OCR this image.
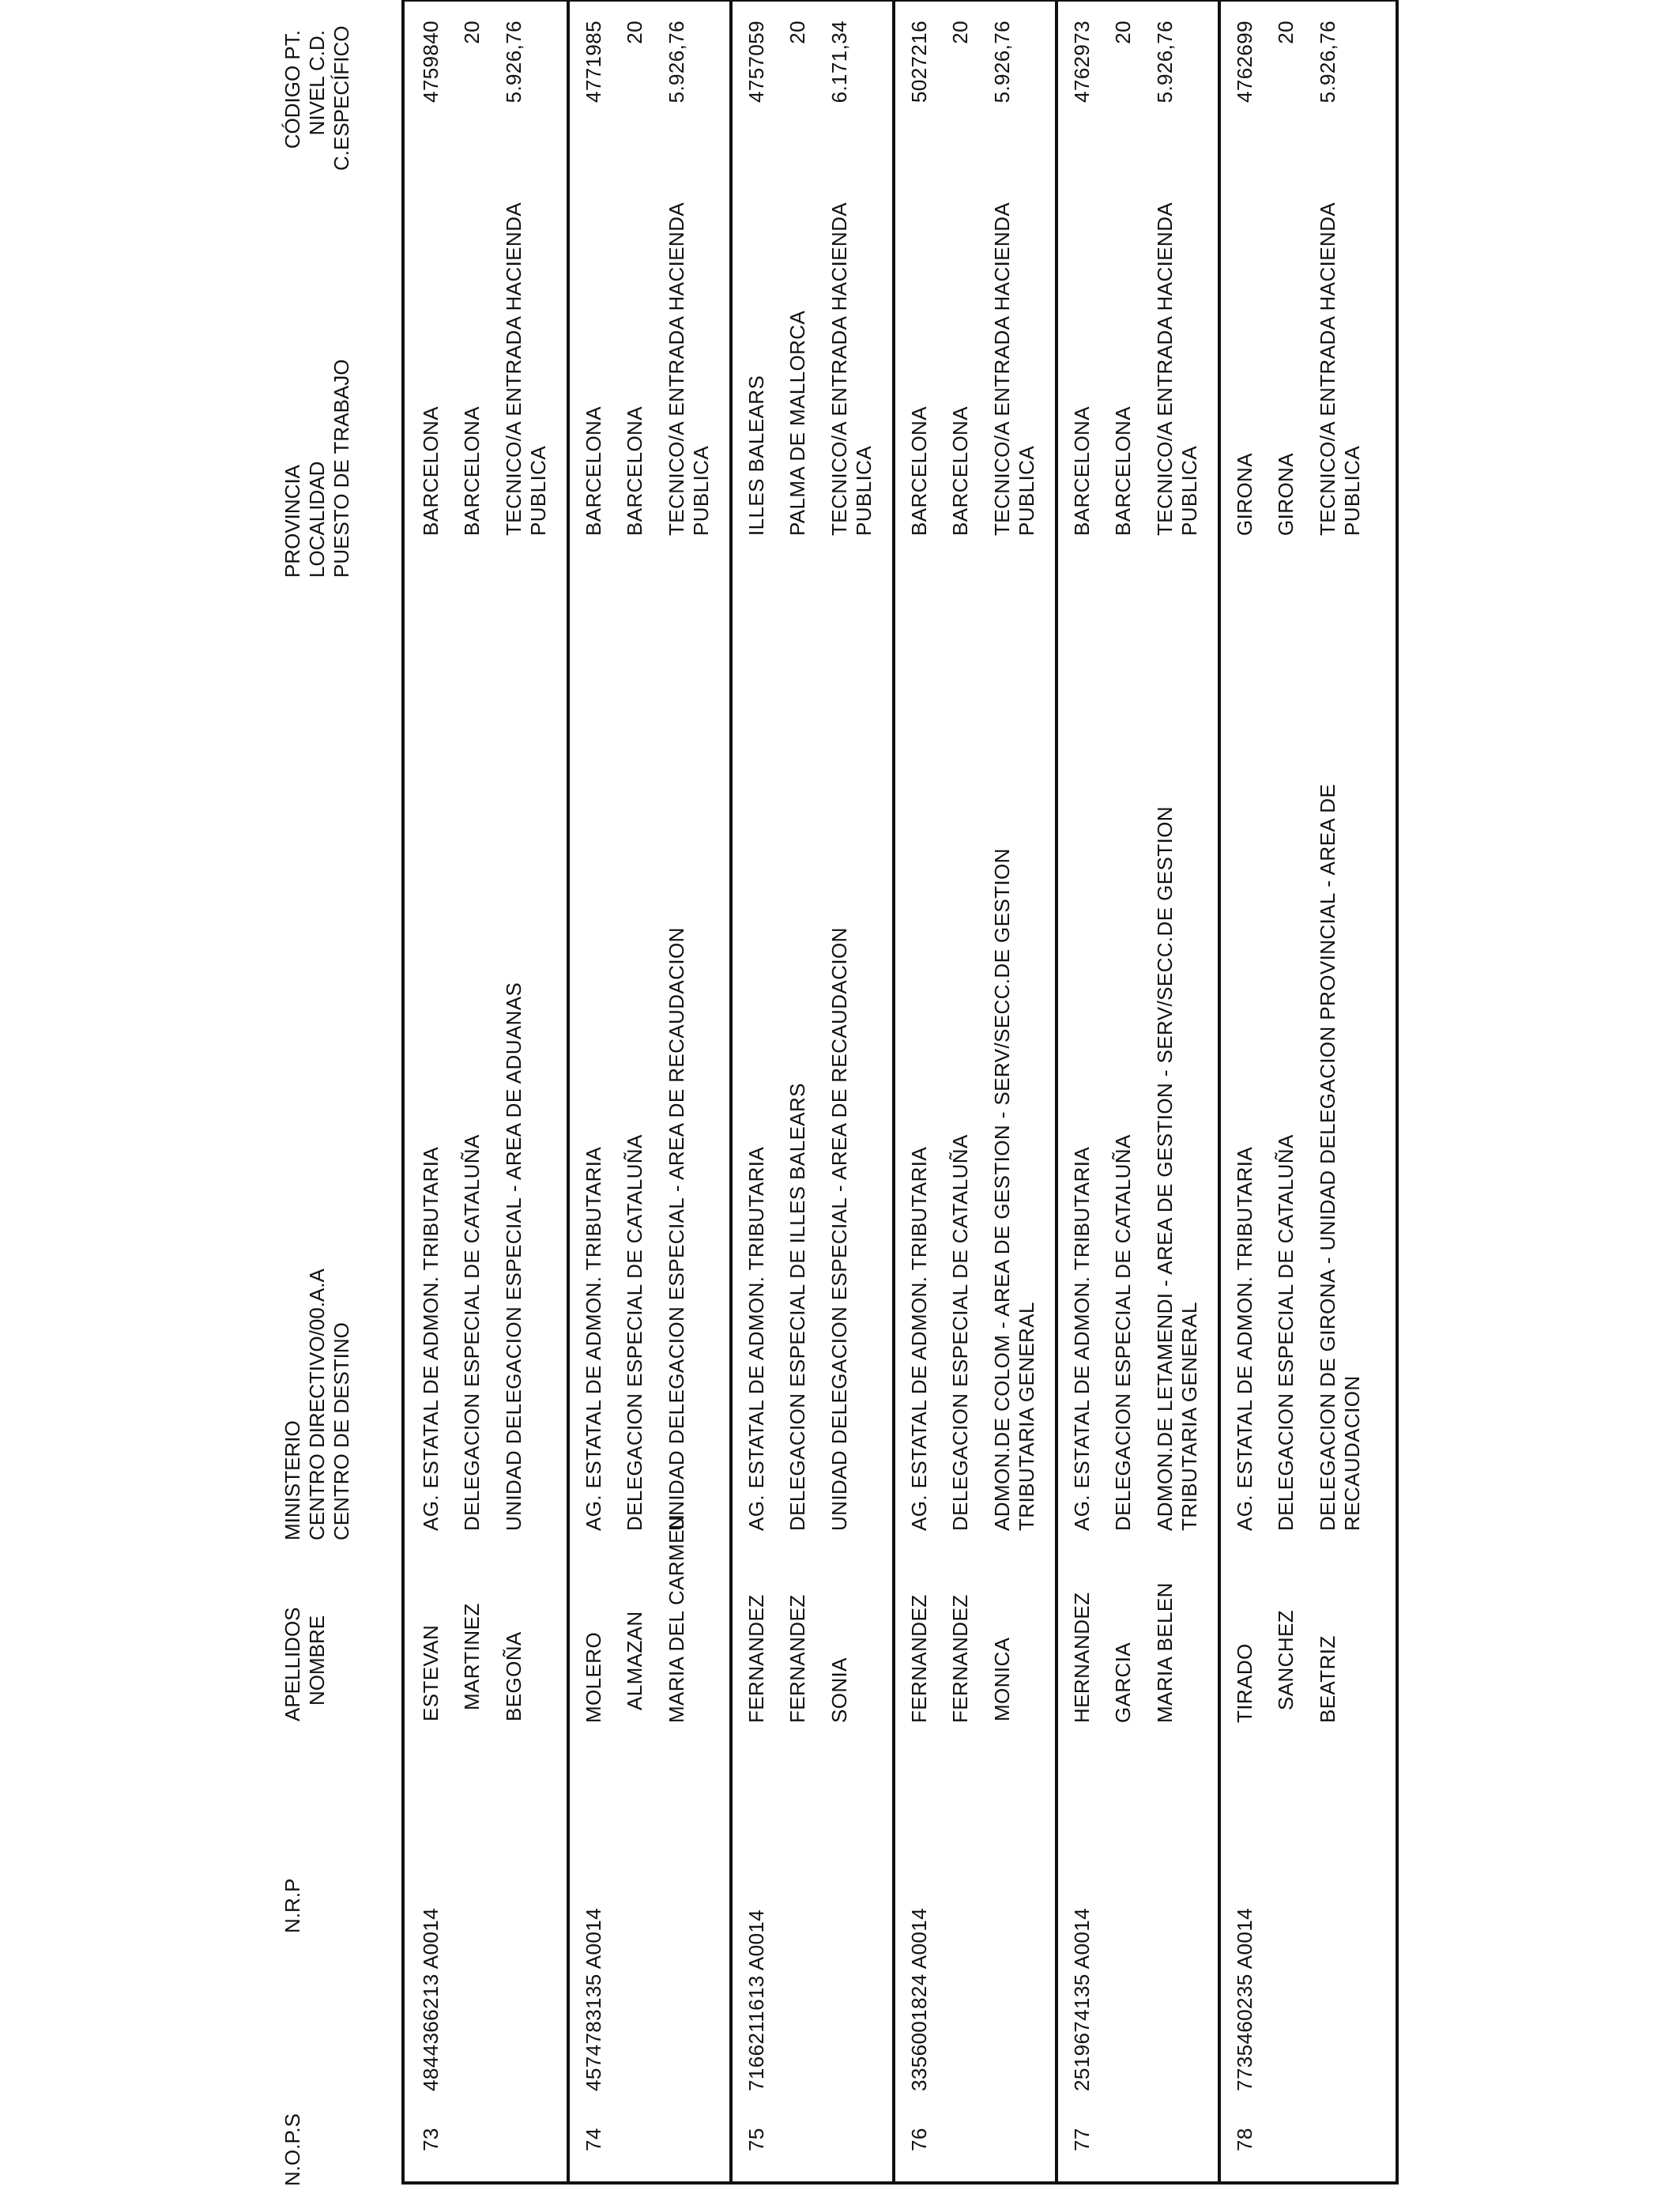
N.O.P.S
N.R.P
APELLIDOS NOMBRE
MINISTERIO CENTRO DIRECTIVO/00.A.A CENTRO DE DESTINO
PROVINCIA LOCALIDAD PUESTO DE TRABAJO
CÓDIGO PT. NIVEL C.D. C.ESPECÍFICO
73
4844366213 A0014
ESTEVAN MARTINEZ BEGOÑA
AG. ESTATAL DE ADMON. TRIBUTARIA DELEGACION ESPECIAL DE CATALUÑA UNIDAD DELEGACION ESPECIAL - AREA DE ADUANAS
BARCELONA BARCELONA TECNICO/A ENTRADA HACIENDA PUBLICA
4759840 20 5.926,76
74
4574783135 A0014
MOLERO ALMAZAN MARIA DEL CARMEN
AG. ESTATAL DE ADMON. TRIBUTARIA DELEGACION ESPECIAL DE CATALUÑA UNIDAD DELEGACION ESPECIAL - AREA DE RECAUDACION
BARCELONA BARCELONA TECNICO/A ENTRADA HACIENDA PUBLICA
4771985 20 5.926,76
75
7166211613 A0014
FERNANDEZ FERNANDEZ SONIA
AG. ESTATAL DE ADMON. TRIBUTARIA DELEGACION ESPECIAL DE ILLES BALEARS UNIDAD DELEGACION ESPECIAL - AREA DE RECAUDACION
ILLES BALEARS PALMA DE MALLORCA TECNICO/A ENTRADA HACIENDA PUBLICA
4757059 20 6.171,34
76
3356001824 A0014
FERNANDEZ FERNANDEZ MONICA
AG. ESTATAL DE ADMON. TRIBUTARIA DELEGACION ESPECIAL DE CATALUÑA ADMON.DE COLOM - AREA DE GESTION - SERV/SECC.DE GESTION TRIBUTARIA GENERAL
BARCELONA BARCELONA TECNICO/A ENTRADA HACIENDA PUBLICA
5027216 20 5.926,76
77
2519674135 A0014
HERNANDEZ GARCIA MARIA BELEN
AG. ESTATAL DE ADMON. TRIBUTARIA DELEGACION ESPECIAL DE CATALUÑA ADMON.DE LETAMENDI - AREA DE GESTION - SERV/SECC.DE GESTION TRIBUTARIA GENERAL
BARCELONA BARCELONA TECNICO/A ENTRADA HACIENDA PUBLICA
4762973 20 5.926,76
78
7735460235 A0014
TIRADO SANCHEZ BEATRIZ
AG. ESTATAL DE ADMON. TRIBUTARIA DELEGACION ESPECIAL DE CATALUÑA DELEGACION DE GIRONA - UNIDAD DELEGACION PROVINCIAL - AREA DE RECAUDACION
GIRONA GIRONA TECNICO/A ENTRADA HACIENDA PUBLICA
4762699 20 5.926,76
